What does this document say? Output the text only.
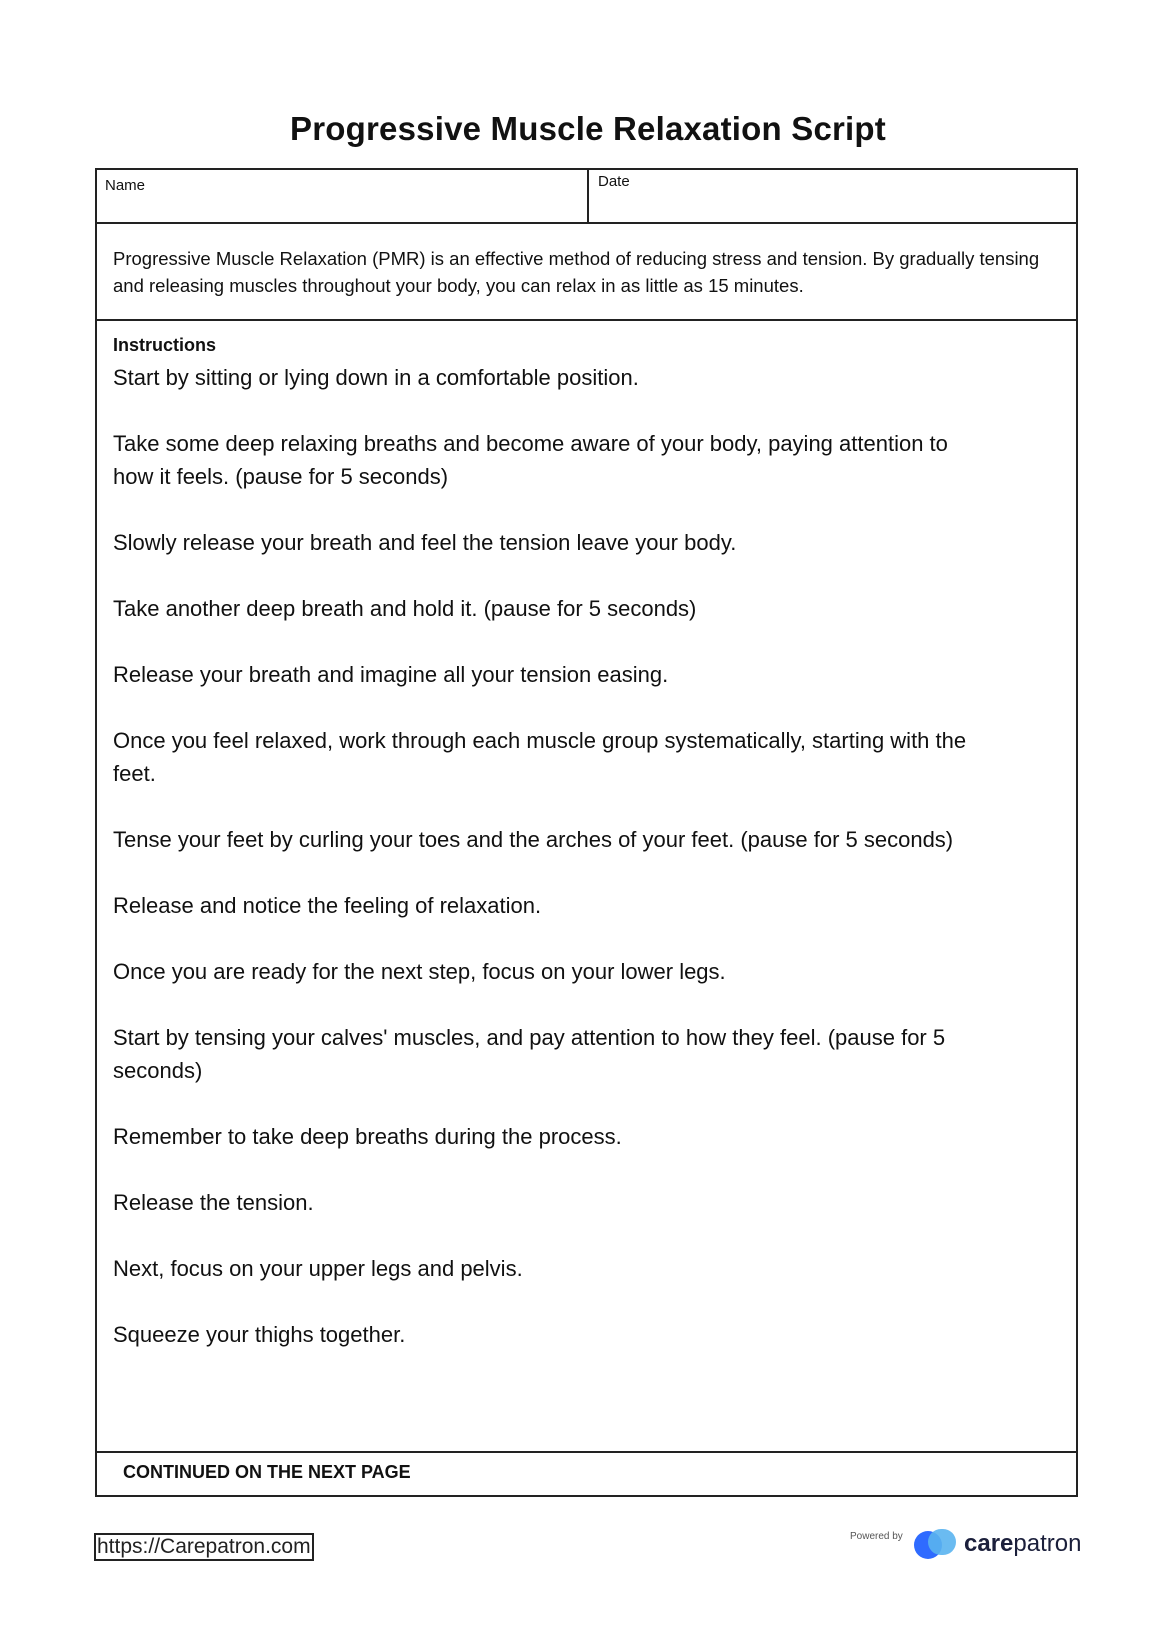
Progressive Muscle Relaxation Script
Name	Date

Progressive Muscle Relaxation (PMR) is an effective method of reducing stress and tension. By gradually tensing and releasing muscles throughout your body, you can relax in as little as 15 minutes.

Instructions
Start by sitting or lying down in a comfortable position.
Take some deep relaxing breaths and become aware of your body, paying attention to how it feels. (pause for 5 seconds)
Slowly release your breath and feel the tension leave your body.
Take another deep breath and hold it. (pause for 5 seconds)
Release your breath and imagine all your tension easing.
Once you feel relaxed, work through each muscle group systematically, starting with the feet.
Tense your feet by curling your toes and the arches of your feet. (pause for 5 seconds)
Release and notice the feeling of relaxation.
Once you are ready for the next step, focus on your lower legs.
Start by tensing your calves' muscles, and pay attention to how they feel. (pause for 5 seconds)
Remember to take deep breaths during the process.
Release the tension.
Next, focus on your upper legs and pelvis.
Squeeze your thighs together.
CONTINUED ON THE NEXT PAGE
https://Carepatron.com	Powered by	carepatron
